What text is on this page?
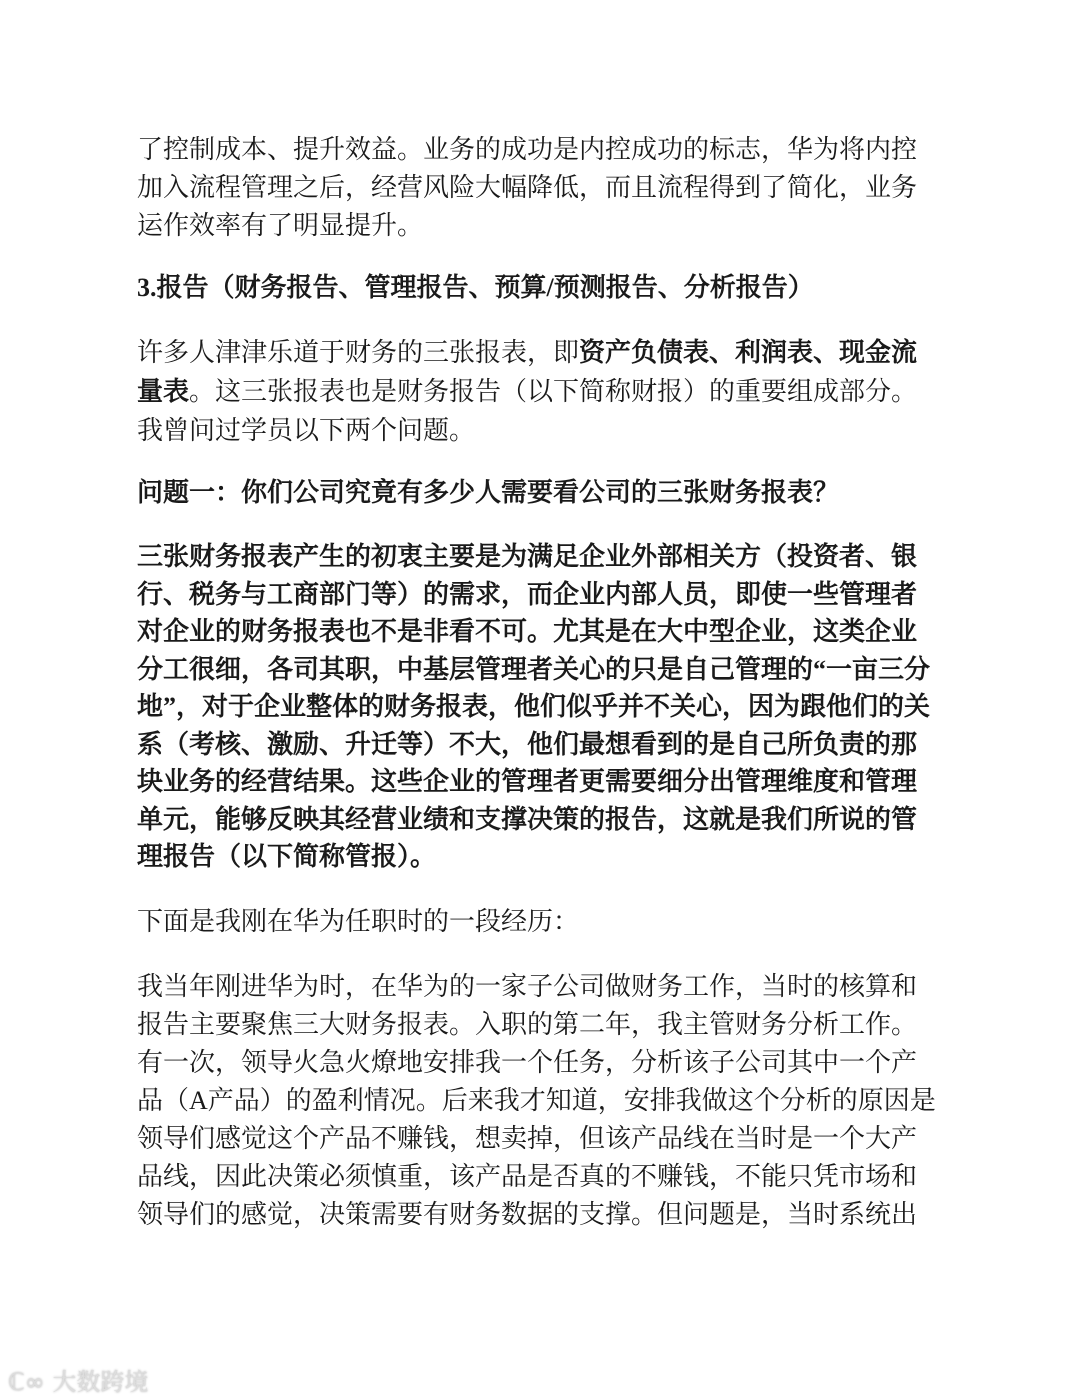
了控制成本、提升效益。业务的成功是内控成功的标志，华为将内控
加入流程管理之后，经营风险大幅降低，而且流程得到了简化，业务
运作效率有了明显提升。
3.报告（财务报告、管理报告、预算/预测报告、分析报告）
许多人津津乐道于财务的三张报表，即资产负债表、利润表、现金流
量表。这三张报表也是财务报告（以下简称财报）的重要组成部分。
我曾问过学员以下两个问题。
问题一：你们公司究竟有多少人需要看公司的三张财务报表？
三张财务报表产生的初衷主要是为满足企业外部相关方（投资者、银
行、税务与工商部门等）的需求，而企业内部人员，即使一些管理者
对企业的财务报表也不是非看不可。尤其是在大中型企业，这类企业
分工很细，各司其职，中基层管理者关心的只是自己管理的“一亩三分
地”，对于企业整体的财务报表，他们似乎并不关心，因为跟他们的关
系（考核、激励、升迁等）不大，他们最想看到的是自己所负责的那
块业务的经营结果。这些企业的管理者更需要细分出管理维度和管理
单元，能够反映其经营业绩和支撑决策的报告，这就是我们所说的管
理报告（以下简称管报）。
下面是我刚在华为任职时的一段经历：
我当年刚进华为时，在华为的一家子公司做财务工作，当时的核算和
报告主要聚焦三大财务报表。入职的第二年，我主管财务分析工作。
有一次，领导火急火燎地安排我一个任务，分析该子公司其中一个产
品（A产品）的盈利情况。后来我才知道，安排我做这个分析的原因是
领导们感觉这个产品不赚钱，想卖掉，但该产品线在当时是一个大产
品线，因此决策必须慎重，该产品是否真的不赚钱，不能只凭市场和
领导们的感觉，决策需要有财务数据的支撑。但问题是，当时系统出
ℂ∞ 大数跨境
